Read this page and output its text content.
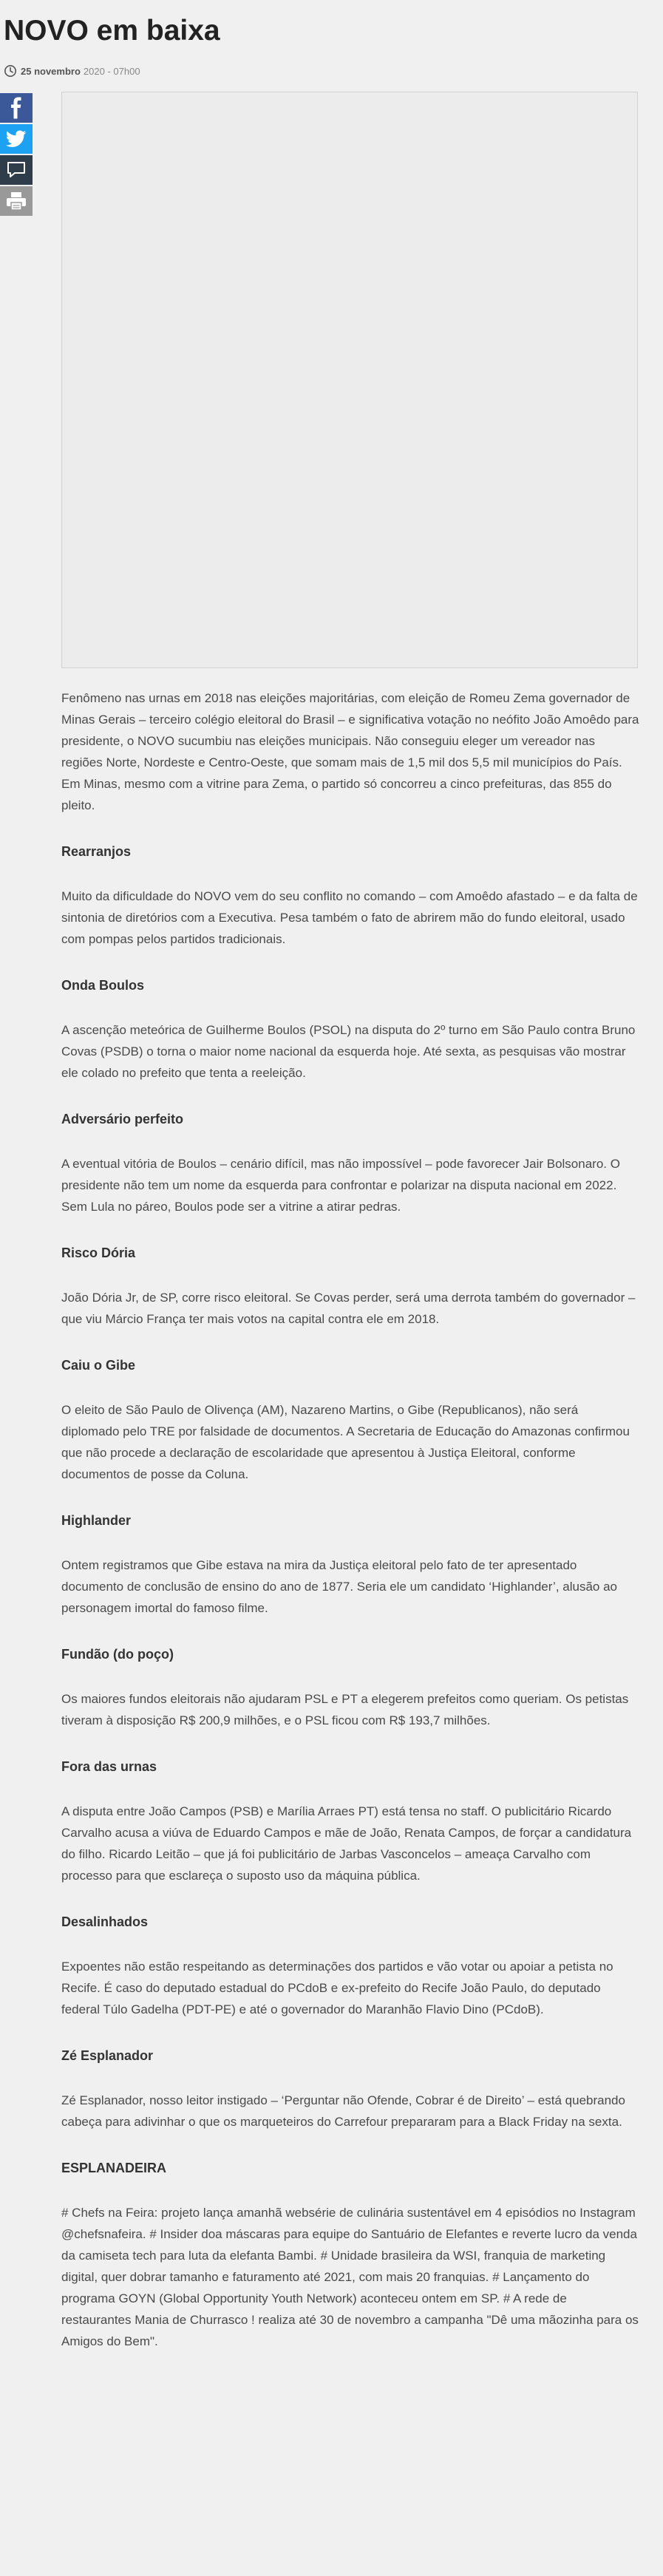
NOVO em baixa
25 novembro 2020 - 07h00

Fenômeno nas urnas em 2018 nas eleições majoritárias, com eleição de Romeu Zema governador de Minas Gerais – terceiro colégio eleitoral do Brasil – e significativa votação no neófito João Amoêdo para presidente, o NOVO sucumbiu nas eleições municipais. Não conseguiu eleger um vereador nas regiões Norte, Nordeste e Centro-Oeste, que somam mais de 1,5 mil dos 5,5 mil municípios do País. Em Minas, mesmo com a vitrine para Zema, o partido só concorreu a cinco prefeituras, das 855 do pleito.

Rearranjos

Muito da dificuldade do NOVO vem do seu conflito no comando – com Amoêdo afastado – e da falta de sintonia de diretórios com a Executiva. Pesa também o fato de abrirem mão do fundo eleitoral, usado com pompas pelos partidos tradicionais.

Onda Boulos

A ascenção meteórica de Guilherme Boulos (PSOL) na disputa do 2º turno em São Paulo contra Bruno Covas (PSDB) o torna o maior nome nacional da esquerda hoje. Até sexta, as pesquisas vão mostrar ele colado no prefeito que tenta a reeleição.

Adversário perfeito

A eventual vitória de Boulos – cenário difícil, mas não impossível – pode favorecer Jair Bolsonaro. O presidente não tem um nome da esquerda para confrontar e polarizar na disputa nacional em 2022. Sem Lula no páreo, Boulos pode ser a vitrine a atirar pedras.

Risco Dória

João Dória Jr, de SP, corre risco eleitoral. Se Covas perder, será uma derrota também do governador – que viu Márcio França ter mais votos na capital contra ele em 2018.

Caiu o Gibe

O eleito de São Paulo de Olivença (AM), Nazareno Martins, o Gibe (Republicanos), não será diplomado pelo TRE por falsidade de documentos. A Secretaria de Educação do Amazonas confirmou que não procede a declaração de escolaridade que apresentou à Justiça Eleitoral, conforme documentos de posse da Coluna.

Highlander

Ontem registramos que Gibe estava na mira da Justiça eleitoral pelo fato de ter apresentado documento de conclusão de ensino do ano de 1877. Seria ele um candidato ‘Highlander’, alusão ao personagem imortal do famoso filme.

Fundão (do poço)

Os maiores fundos eleitorais não ajudaram PSL e PT a elegerem prefeitos como queriam. Os petistas tiveram à disposição R$ 200,9 milhões, e o PSL ficou com R$ 193,7 milhões.

Fora das urnas

A disputa entre João Campos (PSB) e Marília Arraes PT) está tensa no staff. O publicitário Ricardo Carvalho acusa a viúva de Eduardo Campos e mãe de João, Renata Campos, de forçar a candidatura do filho. Ricardo Leitão – que já foi publicitário de Jarbas Vasconcelos – ameaça Carvalho com processo para que esclareça o suposto uso da máquina pública.

Desalinhados

Expoentes não estão respeitando as determinações dos partidos e vão votar ou apoiar a petista no Recife. É caso do deputado estadual do PCdoB e ex-prefeito do Recife João Paulo, do deputado federal Túlo Gadelha (PDT-PE) e até o governador do Maranhão Flavio Dino (PCdoB).

Zé Esplanador

Zé Esplanador, nosso leitor instigado – ‘Perguntar não Ofende, Cobrar é de Direito’ – está quebrando cabeça para adivinhar o que os marqueteiros do Carrefour prepararam para a Black Friday na sexta.

ESPLANADEIRA

# Chefs na Feira: projeto lança amanhã websérie de culinária sustentável em 4 episódios no Instagram @chefsnafeira. # Insider doa máscaras para equipe do Santuário de Elefantes e reverte lucro da venda da camiseta tech para luta da elefanta Bambi. # Unidade brasileira da WSI, franquia de marketing digital, quer dobrar tamanho e faturamento até 2021, com mais 20 franquias. # Lançamento do programa GOYN (Global Opportunity Youth Network) aconteceu ontem em SP. # A rede de restaurantes Mania de Churrasco ! realiza até 30 de novembro a campanha "Dê uma mãozinha para os Amigos do Bem".
